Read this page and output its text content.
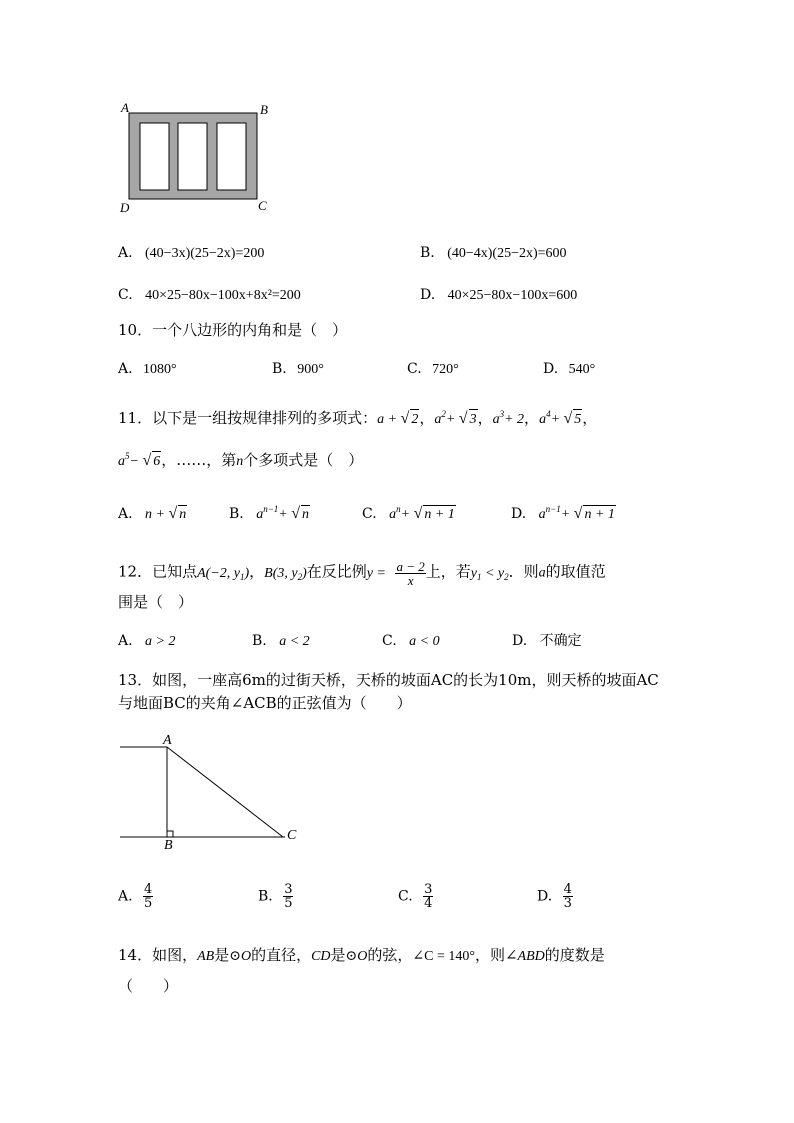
A	B
D	C
A. (40−3x)(25−2x)=200	B. (40−4x)(25−2x)=600
C. 40×25−80x−100x+8x²=200	D. 40×25−80x−100x=600
10．一个八边形的内角和是（　）
A. 1080°	B. 900°	C. 720°	D. 540°
11．以下是一组按规律排列的多项式：a + √ 2，$a^2+$ √ 3，$a^3+ 2$，$a^4+$ √ 5，
$a^5-$ √ 6，……，第n个多项式是（　）
A. n + √ n	B. $a^{n-1}+$ √ n	C. $a^n+$ √ n + 1	D. $a^{n-1}+$ √ n + 1
12．已知点A(−2, $y_1$)，B(3, $y_2$)在反比例$y = \frac{a - 2}{x}$ 上，若$y_1 < y_2$．则a的取值范
围是（　）
A. a > 2	B. a < 2	C. a < 0	D. 不确定
13．如图，一座高6m的过街天桥，天桥的坡面AC的长为10m，则天桥的坡面AC
与地面BC的夹角∠ACB的正弦值为（　　）
A
B
C
A. $\frac{4}{5}$	B. $\frac{3}{5}$	C. $\frac{3}{4}$	D. $\frac{4}{3}$
14．如图，AB是⊙O的直径，CD是⊙O的弦，∠C = 140°，则∠ABD的度数是
（　　）
